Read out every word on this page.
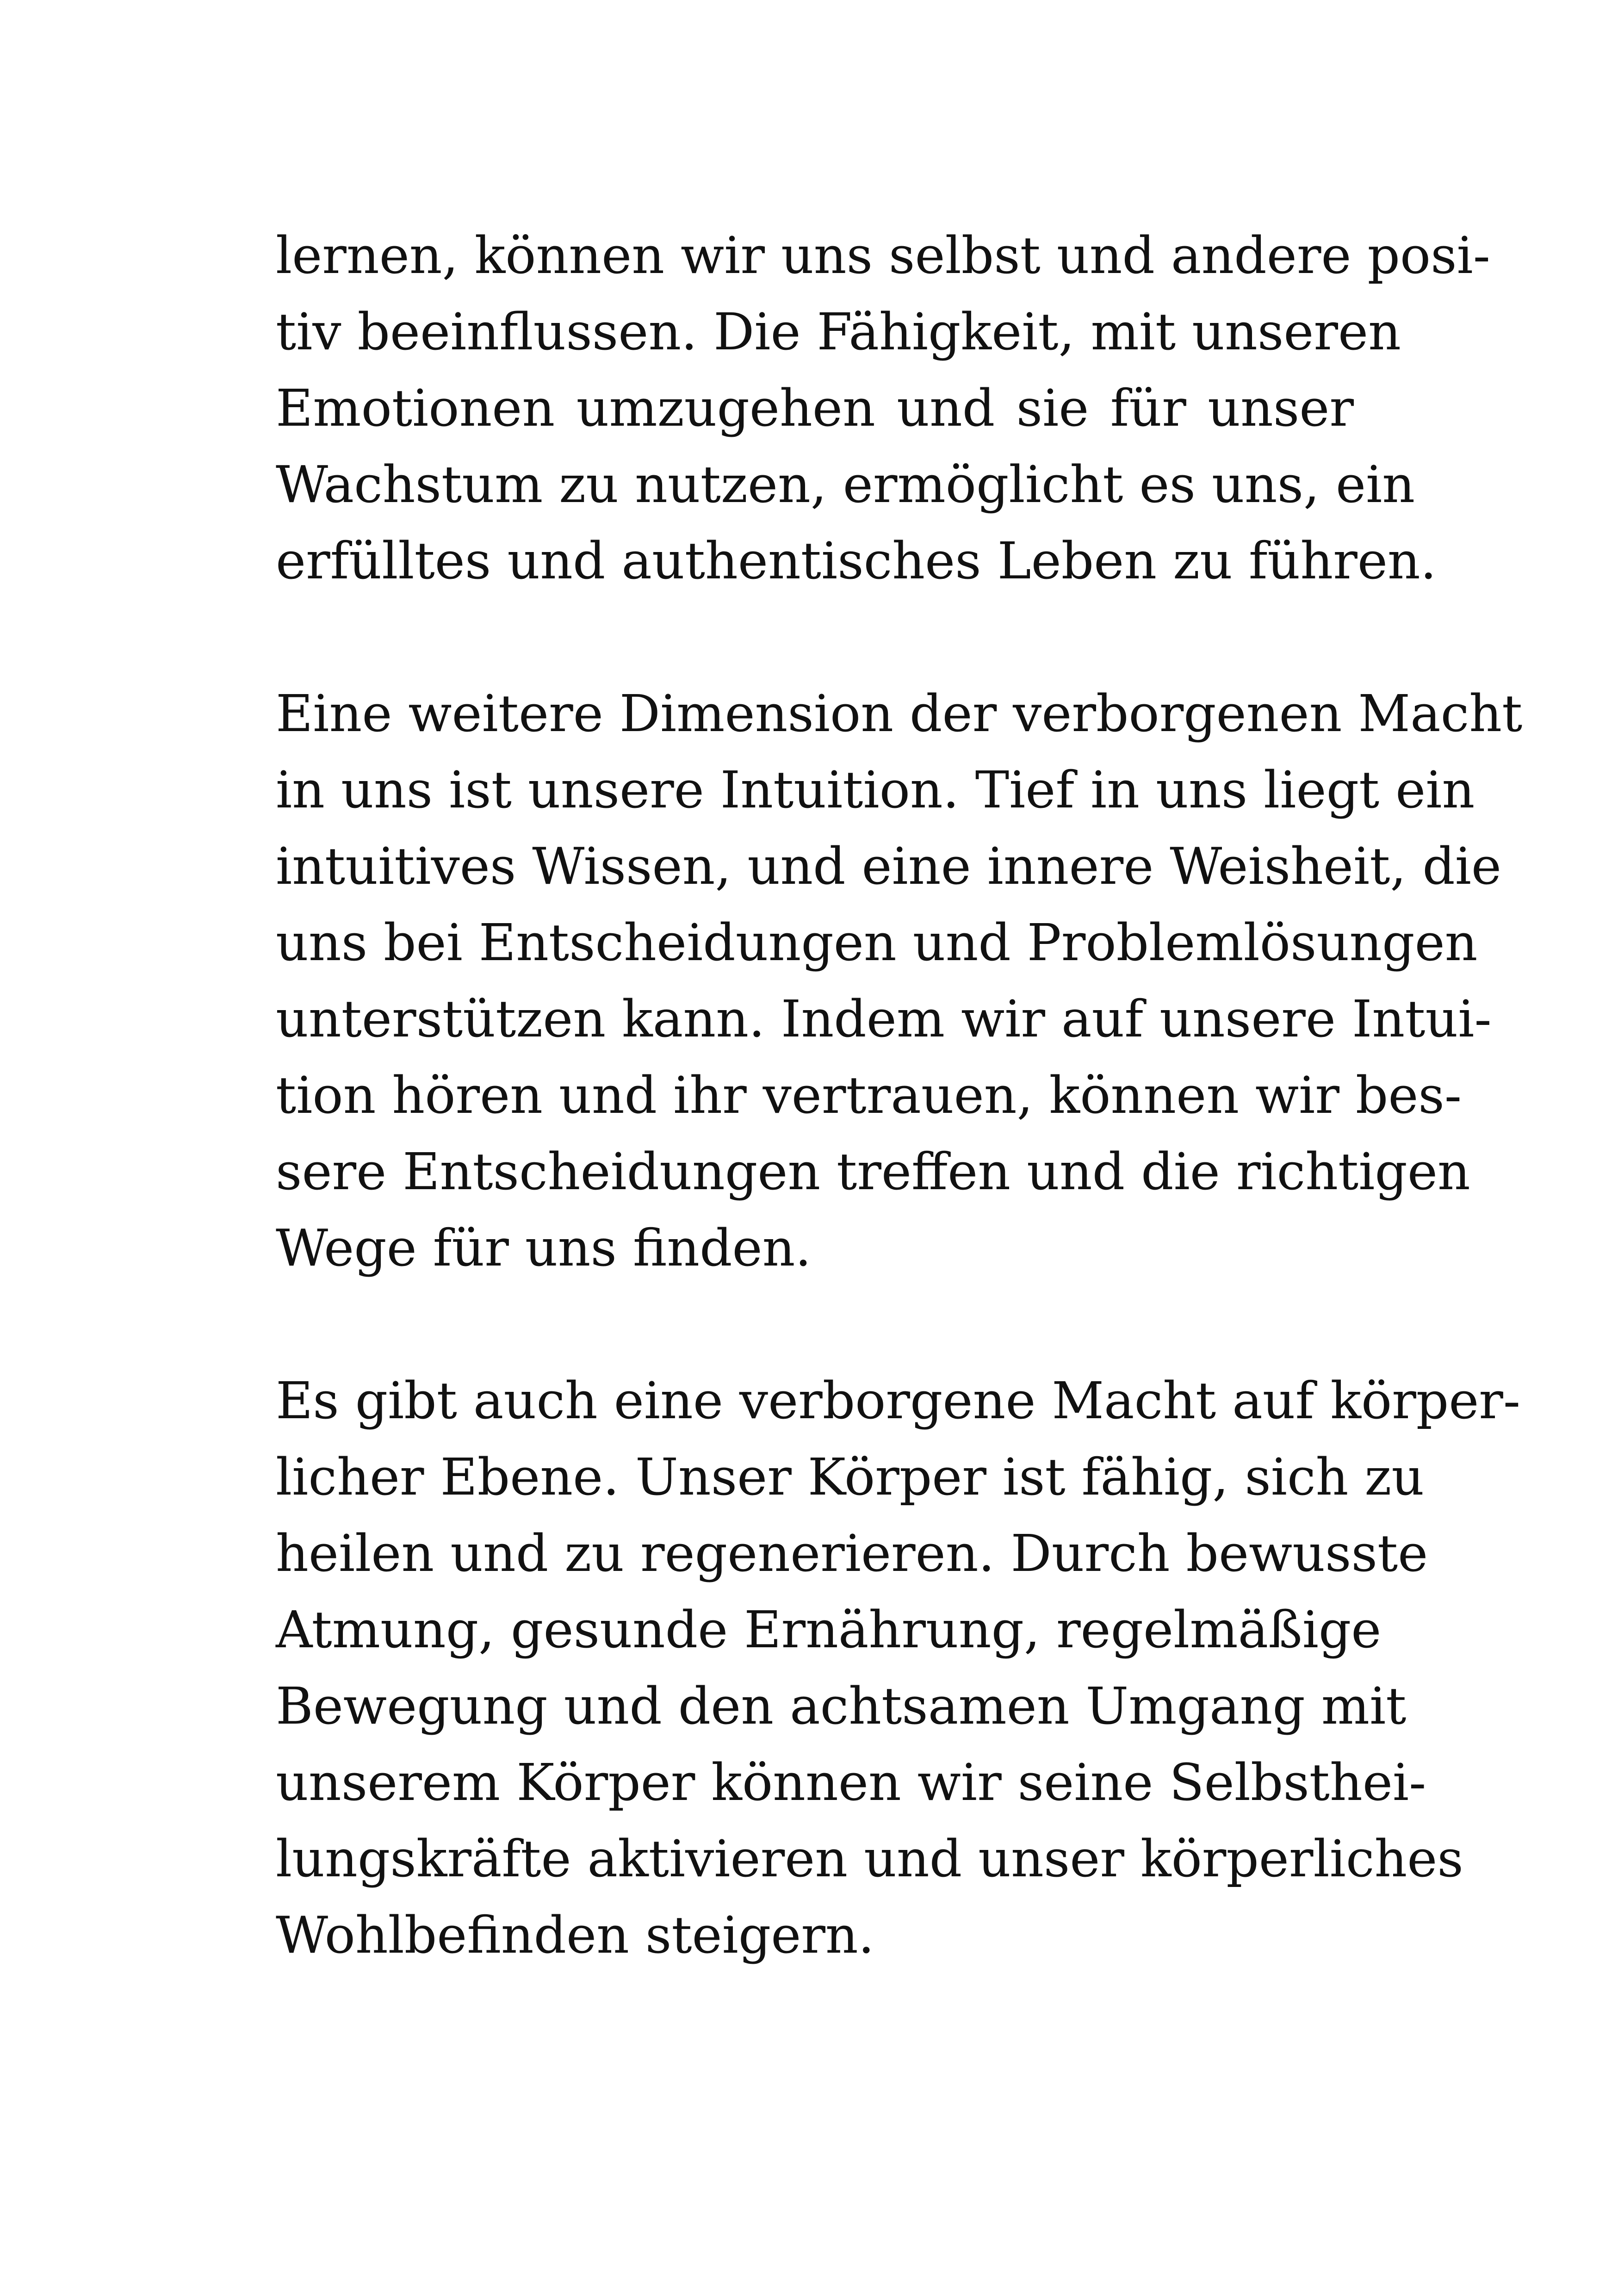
lernen, können wir uns selbst und andere posi-
tiv beeinflussen. Die Fähigkeit, mit unseren
Emotionen umzugehen und sie für unser
Wachstum zu nutzen, ermöglicht es uns, ein
erfülltes und authentisches Leben zu führen.
Eine weitere Dimension der verborgenen Macht
in uns ist unsere Intuition. Tief in uns liegt ein
intuitives Wissen, und eine innere Weisheit, die
uns bei Entscheidungen und Problemlösungen
unterstützen kann. Indem wir auf unsere Intui-
tion hören und ihr vertrauen, können wir bes-
sere Entscheidungen treffen und die richtigen
Wege für uns finden.
Es gibt auch eine verborgene Macht auf körper-
licher Ebene. Unser Körper ist fähig, sich zu
heilen und zu regenerieren. Durch bewusste
Atmung, gesunde Ernährung, regelmäßige
Bewegung und den achtsamen Umgang mit
unserem Körper können wir seine Selbsthei-
lungskräfte aktivieren und unser körperliches
Wohlbefinden steigern.
